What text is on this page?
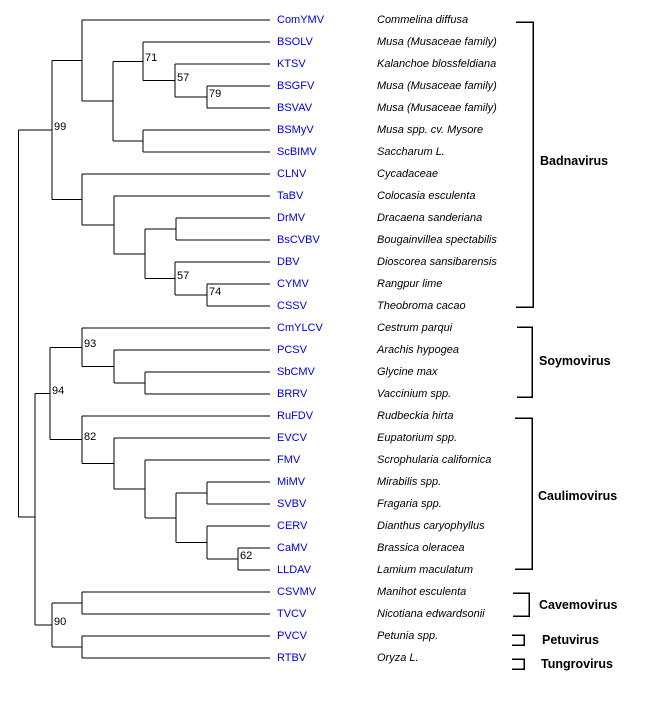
ComYMV
BSOLV
KTSV
BSGFV
BSVAV
BSMyV
ScBIMV
CLNV
TaBV
DrMV
BsCVBV
DBV
CYMV
CSSV
CmYLCV
PCSV
SbCMV
BRRV
RuFDV
EVCV
FMV
MiMV
SVBV
CERV
CaMV
LLDAV
CSVMV
TVCV
PVCV
RTBV
Commelina diffusa
Musa (Musaceae family)
Kalanchoe blossfeldiana
Musa (Musaceae family)
Musa (Musaceae family)
Musa spp. cv. Mysore
Saccharum L.
Cycadaceae
Colocasia esculenta
Dracaena sanderiana
Bougainvillea spectabilis
Dioscorea sansibarensis
Rangpur lime
Theobroma cacao
Cestrum parqui
Arachis hypogea
Glycine max
Vaccinium spp.
Rudbeckia hirta
Eupatorium spp.
Scrophularia californica
Mirabilis spp.
Fragaria spp.
Dianthus caryophyllus
Brassica oleracea
Lamium maculatum
Manihot esculenta
Nicotiana edwardsonii
Petunia spp.
Oryza L.
99
71
57
79
57
74
93
94
82
62
90
Badnavirus
Soymovirus
Caulimovirus
Cavemovirus
Petuvirus
Tungrovirus
